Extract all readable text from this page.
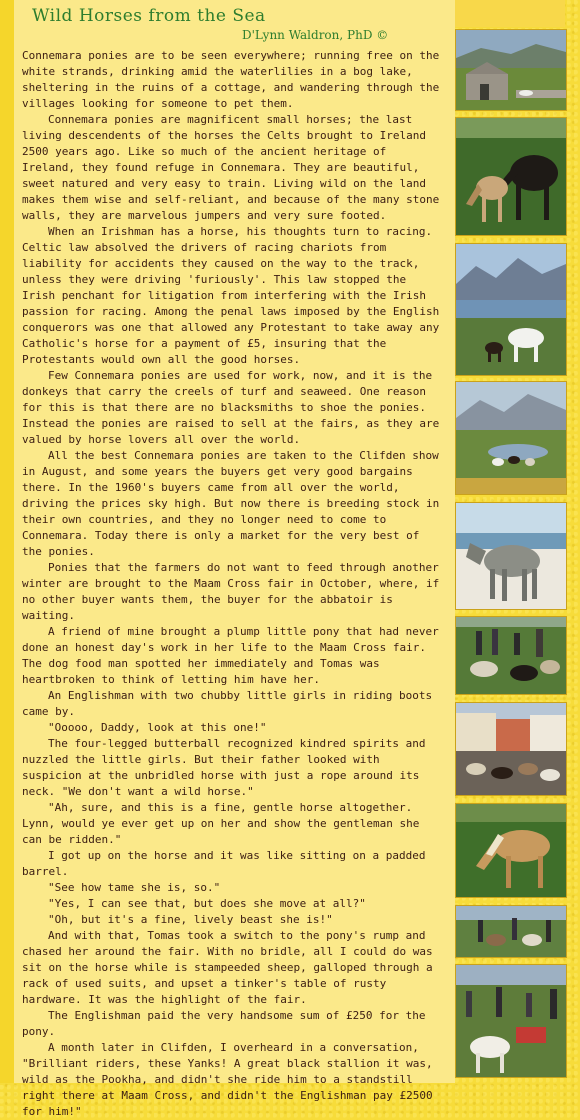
Wild Horses from the Sea
D'Lynn Waldron, PhD ©

Connemara ponies are to be seen everywhere; running free on the white strands, drinking amid the waterlilies in a bog lake, sheltering in the ruins of a cottage, and wandering through the villages looking for someone to pet them.

Connemara ponies are magnificent small horses; the last living descendents of the horses the Celts brought to Ireland 2500 years ago. Like so much of the ancient heritage of Ireland, they found refuge in Connemara. They are beautiful, sweet natured and very easy to train. Living wild on the land makes them wise and self-reliant, and because of the many stone walls, they are marvelous jumpers and very sure footed.

When an Irishman has a horse, his thoughts turn to racing. Celtic law absolved the drivers of racing chariots from liability for accidents they caused on the way to the track, unless they were driving 'furiously'. This law stopped the Irish penchant for litigation from interfering with the Irish passion for racing. Among the penal laws imposed by the English conquerors was one that allowed any Protestant to take away any Catholic's horse for a payment of £5, insuring that the Protestants would own all the good horses.

Few Connemara ponies are used for work, now, and it is the donkeys that carry the creels of turf and seaweed. One reason for this is that there are no blacksmiths to shoe the ponies. Instead the ponies are raised to sell at the fairs, as they are valued by horse lovers all over the world.

All the best Connemara ponies are taken to the Clifden show in August, and some years the buyers get very good bargains there. In the 1960's buyers came from all over the world, driving the prices sky high. But now there is breeding stock in their own countries, and they no longer need to come to Connemara. Today there is only a market for the very best of the ponies.

Ponies that the farmers do not want to feed through another winter are brought to the Maam Cross fair in October, where, if no other buyer wants them, the buyer for the abbatoir is waiting.

A friend of mine brought a plump little pony that had never done an honest day's work in her life to the Maam Cross fair. The dog food man spotted her immediately and Tomas was heartbroken to think of letting him have her.

An Englishman with two chubby little girls in riding boots came by.

"Ooooo, Daddy, look at this one!"

The four-legged butterball recognized kindred spirits and nuzzled the little girls. But their father looked with suspicion at the unbridled horse with just a rope around its neck. "We don't want a wild horse."

"Ah, sure, and this is a fine, gentle horse altogether. Lynn, would ye ever get up on her and show the gentleman she can be ridden."

I got up on the horse and it was like sitting on a padded barrel.

"See how tame she is, so."

"Yes, I can see that, but does she move at all?"

"Oh, but it's a fine, lively beast she is!"

And with that, Tomas took a switch to the pony's rump and chased her around the fair. With no bridle, all I could do was sit on the horse while is stampeeded sheep, galloped through a rack of used suits, and upset a tinker's table of rusty hardware. It was the highlight of the fair.

The Englishman paid the very handsome sum of £250 for the pony.

A month later in Clifden, I overheard in a conversation, "Brilliant riders, these Yanks! A great black stallion it was, wild as the Pookha, and didn't she ride him to a standstill right there at Maam Cross, and didn't the Englishman pay £2500 for him!"
